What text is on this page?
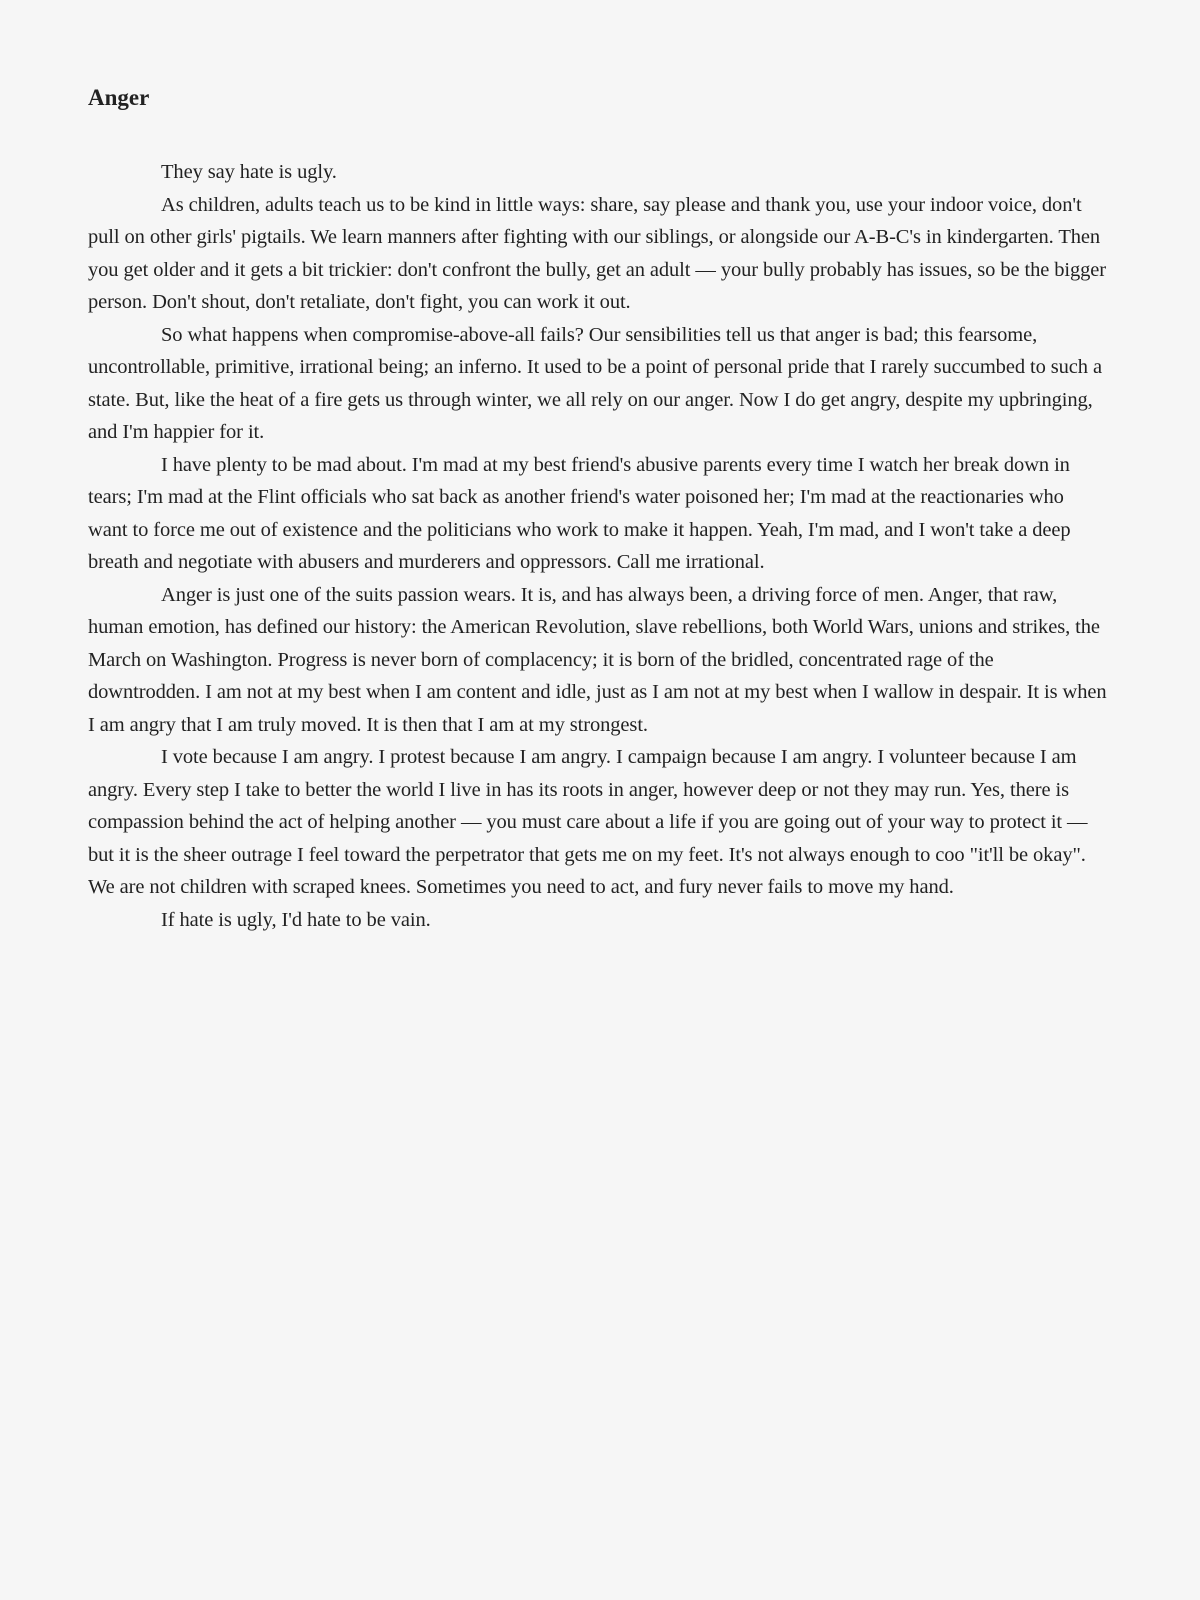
Anger

They say hate is ugly.

As children, adults teach us to be kind in little ways: share, say please and thank you, use your indoor voice, don't pull on other girls' pigtails. We learn manners after fighting with our siblings, or alongside our A-B-C's in kindergarten. Then you get older and it gets a bit trickier: don't confront the bully, get an adult — your bully probably has issues, so be the bigger person. Don't shout, don't retaliate, don't fight, you can work it out.

So what happens when compromise-above-all fails? Our sensibilities tell us that anger is bad; this fearsome, uncontrollable, primitive, irrational being; an inferno. It used to be a point of personal pride that I rarely succumbed to such a state. But, like the heat of a fire gets us through winter, we all rely on our anger. Now I do get angry, despite my upbringing, and I'm happier for it.

I have plenty to be mad about. I'm mad at my best friend's abusive parents every time I watch her break down in tears; I'm mad at the Flint officials who sat back as another friend's water poisoned her; I'm mad at the reactionaries who want to force me out of existence and the politicians who work to make it happen. Yeah, I'm mad, and I won't take a deep breath and negotiate with abusers and murderers and oppressors. Call me irrational.

Anger is just one of the suits passion wears. It is, and has always been, a driving force of men. Anger, that raw, human emotion, has defined our history: the American Revolution, slave rebellions, both World Wars, unions and strikes, the March on Washington. Progress is never born of complacency; it is born of the bridled, concentrated rage of the downtrodden. I am not at my best when I am content and idle, just as I am not at my best when I wallow in despair. It is when I am angry that I am truly moved. It is then that I am at my strongest.

I vote because I am angry. I protest because I am angry. I campaign because I am angry. I volunteer because I am angry. Every step I take to better the world I live in has its roots in anger, however deep or not they may run. Yes, there is compassion behind the act of helping another — you must care about a life if you are going out of your way to protect it — but it is the sheer outrage I feel toward the perpetrator that gets me on my feet. It's not always enough to coo "it'll be okay". We are not children with scraped knees. Sometimes you need to act, and fury never fails to move my hand.

If hate is ugly, I'd hate to be vain.
